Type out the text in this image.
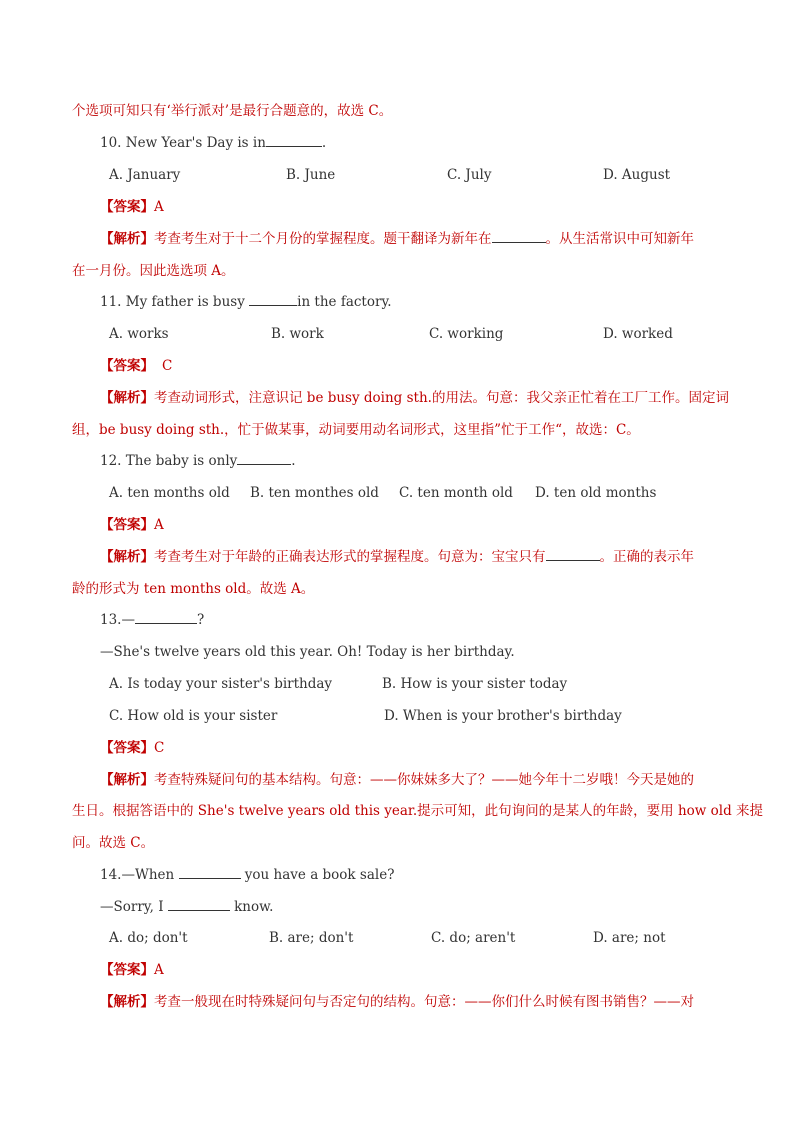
个选项可知只有‘举行派对’是最行合题意的，故选 C。
10. New Year's Day is in	.
A. January	B. June	C. July	D. August
【答案】A
【解析】考查考生对于十二个月份的掌握程度。题干翻译为新年在	。从生活常识中可知新年
在一月份。因此选选项 A。
11. My father is busy	in the factory.
A. works	B. work	C. working	D. worked
【答案】 C
【解析】考查动词形式，注意识记 be busy doing sth.的用法。句意：我父亲正忙着在工厂工作。固定词
组，be busy doing sth.，忙于做某事，动词要用动名词形式，这里指”忙于工作“，故选：C。
12. The baby is only	.
A. ten months old B. ten monthes old C. ten month old D. ten old months
【答案】A
【解析】考查考生对于年龄的正确表达形式的掌握程度。句意为：宝宝只有	。正确的表示年
龄的形式为 ten months old。故选 A。
13.—	?
—She's twelve years old this year. Oh! Today is her birthday.
A. Is today your sister's birthday	B. How is your sister today
C. How old is your sister	D. When is your brother's birthday
【答案】C
【解析】考查特殊疑问句的基本结构。句意：——你妹妹多大了？——她今年十二岁哦！今天是她的
生日。根据答语中的 She's twelve years old this year.提示可知，此句询问的是某人的年龄，要用 how old 来提
问。故选 C。
14.—When	you have a book sale?
—Sorry, I	know.
A. do; don't	B. are; don't	C. do; aren't	D. are; not
【答案】A
【解析】考查一般现在时特殊疑问句与否定句的结构。句意：——你们什么时候有图书销售？——对
